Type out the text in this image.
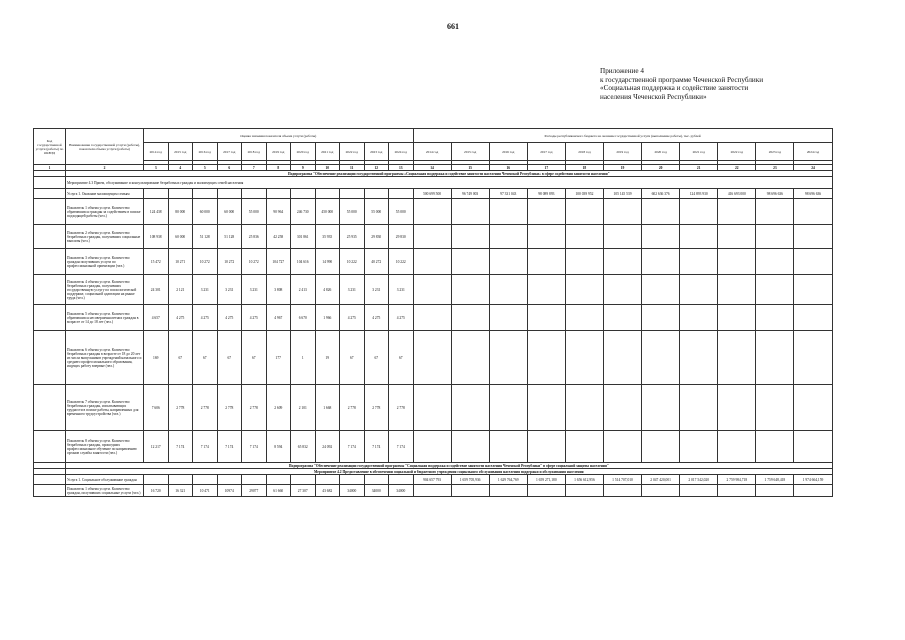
661
Приложение 4
к государственной программе Чеченской Республики
«Социальная поддержка и содействие занятости
населения Чеченской Республики»
Код государственной услуги (работы) по ОКВЭД	Наименование государственной услуги (работы), показателя объема услуги (работы)	Оценка значения показателя объема услуги (работы)											Расходы республиканского бюджета на оказание государственной услуги (выполнение работы), тыс. рублей										
		2014 год	2015 год	2016 год	2017 год	2018 год	2019 год	2020 год	2021 год	2022 год	2023 год	2024 год	2014 год	2015 год	2016 год	2017 год	2018 год	2019 год	2020 год	2021 год	2022 год	2023 год	2024 год

1	2	3	4	5	6	7	8	9	10	11	12	13	14	15	16	17	18	19	20	21	22	23	24
	Подпрограмма "Обеспечение реализации государственной программы «Социальная поддержка и содействие занятости населения Чеченской Республики» в сфере содействия занятости населения"																						
	Мероприятие 4.3 Прием, обслуживание и консультирование безработных граждан и малоимущих семей населения																						
	Услуга 1. Оказание малоимущим семьям												500 699 500	96 749 003	97 331 043	98 089 893	100 039 952	105 145 539	602 636 376	124 893 930	416 693 000	98 696 636	98 696 636
	Показатель 1 объема услуги. Количество обратившихся граждан за содействием в поиске подходящей работы (чел.)	124 438	80 000	60 000	60 000	55 000	90 964	246 730	450 000	55 000	55 000	55 000											
	Показатель 2 объема услуги. Количество безработных граждан, получивших социальные выплаты (чел.)	108 938	60 000	51 128	51 128	25 836	42 258	301 861	35 935	25 935	29 830	29 830											
	Показатель 3 объема услуги. Количество граждан получивших услуги по профессиональной ориентации (чел.)	15 472	10 271	10 272	10 272	10 272	104 727	104 616	14 990	10 222	40 272	10 222											
	Показатель 4 объема услуги. Количество безработных граждан, получивших государственную услугу по психологической поддержке, социальной адаптации на рынке труда (чел.)	24 301	2 121	3 231	3 231	3 231	3 808	2 413	4 826	3 231	3 231	3 231											
	Показатель 5 объема услуги. Количество обратившихся несовершеннолетних граждан в возрасте от 14 до 18 лет (чел.)	4 657	4 275	4 275	4 275	4 275	4 967	6 670	1 966	4 275	4 275	4 275											
	Показатель 6 объема услуги. Количество безработных граждан в возрасте от 18 до 20 лет из числа выпускников учреждений начального и среднего профессионального образования, ищущих работу впервые (чел.)	169	67	67	67	67	177	1	19	67	67	67											
	Показатель 7 объема услуги. Количество безработных граждан, испытывающих трудности в поиске работы, направленных для временного трудоустройства (чел.)	7 606	2 778	2 778	2 778	2 778	2 609	2 101	1 668	2 778	2 778	2 778											
	Показатель 8 объема услуги. Количество безработных граждан, прошедших профессиональное обучение по направлению органов службы занятости (чел.)	12 217	7 174	7 174	7 174	7 174	8 594	65 832	24 092	7 174	7 174	7 174											
	Подпрограмма "Обеспечение реализации государственной программы "Социальная поддержка и содействие занятости населения Чеченской Республики" в сфере социальной защиты населения"																						
	Мероприятие 4.2 Предоставление в обеспечении социальной и бюджетного учреждения социального обслуживания населения поддержки и обслуживания населения																						
	Услуга 1. Социальное обслуживание граждан												904 657 793	1 659 705,936	1 629 764,769	1 659 271,180	1 656 612,956	1 514 707,010	2 047 420,001	2 017 542,020	2 759 984,718	1 759 648,418	1 974 664,159
	Показатель 1 объема услуги. Количество граждан, получивших социальные услуги (чел.)	16 720	16 321	10 471	10974	29077	61 660	27 307	43 682	34000	34000	34000											
